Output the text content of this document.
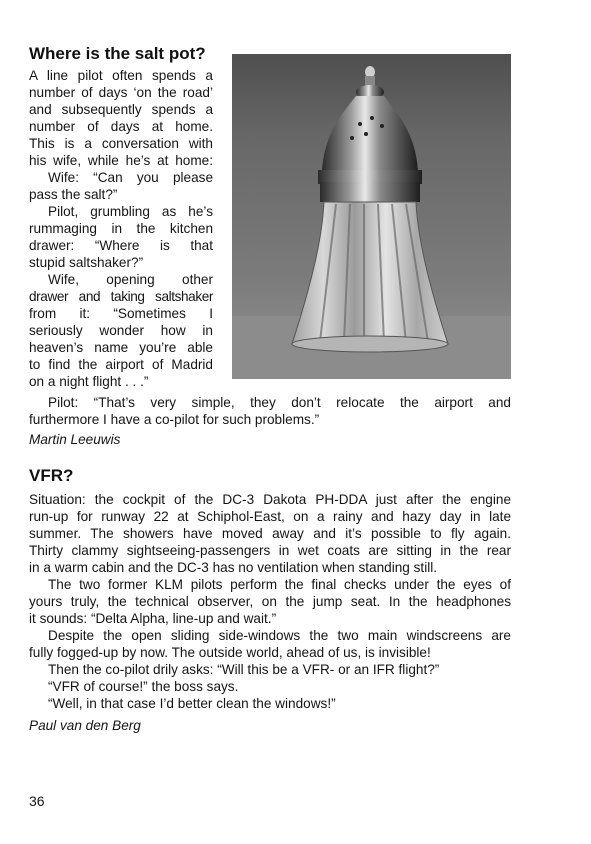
Where is the salt pot?
A line pilot often spends a
number of days ‘on the road’
and subsequently spends a
number of days at home.
This is a conversation with
his wife, while he’s at home:
Wife: “Can you please
pass the salt?”
Pilot, grumbling as he’s
rummaging in the kitchen
drawer: “Where is that
stupid saltshaker?”
Wife, opening other
drawer and taking saltshaker
from it: “Sometimes I
seriously wonder how in
heaven’s name you’re able
to find the airport of Madrid
on a night flight . . .”
Pilot: “That’s very simple, they don’t relocate the airport and
furthermore I have a co-pilot for such problems.”
Martin Leeuwis
VFR?
Situation: the cockpit of the DC-3 Dakota PH-DDA just after the engine
run-up for runway 22 at Schiphol-East, on a rainy and hazy day in late
summer. The showers have moved away and it’s possible to fly again.
Thirty clammy sightseeing-passengers in wet coats are sitting in the rear
in a warm cabin and the DC-3 has no ventilation when standing still.
The two former KLM pilots perform the final checks under the eyes of
yours truly, the technical observer, on the jump seat. In the headphones
it sounds: “Delta Alpha, line-up and wait.”
Despite the open sliding side-windows the two main windscreens are
fully fogged-up by now. The outside world, ahead of us, is invisible!
Then the co-pilot drily asks: “Will this be a VFR- or an IFR flight?”
“VFR of course!” the boss says.
“Well, in that case I’d better clean the windows!”
Paul van den Berg
36
